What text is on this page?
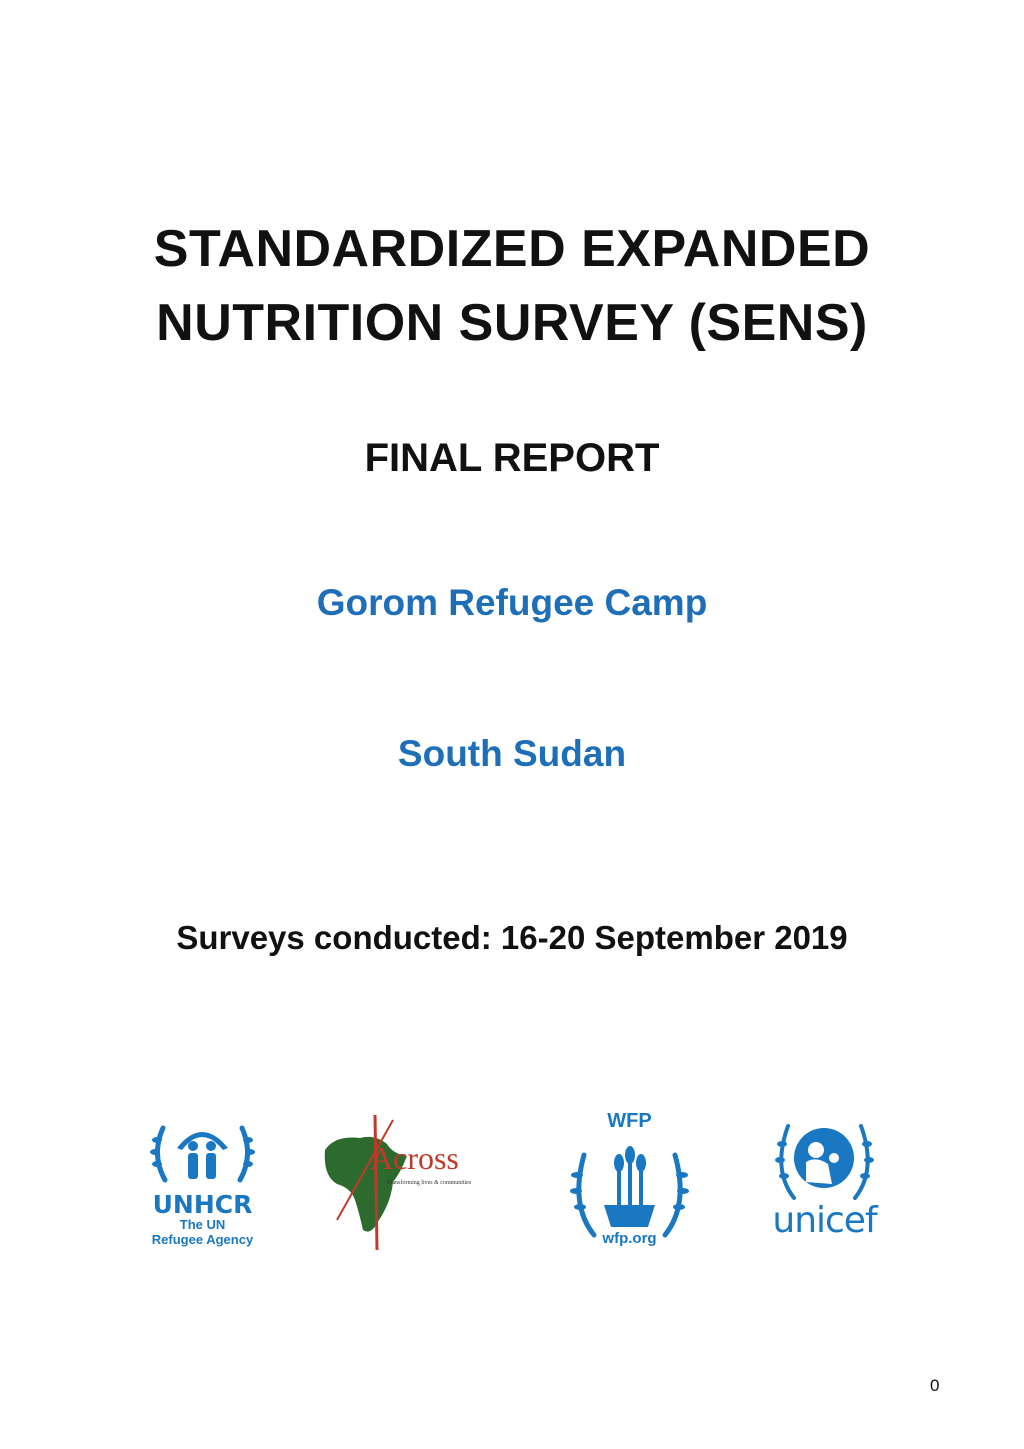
STANDARDIZED EXPANDED
NUTRITION SURVEY (SENS)
FINAL REPORT
Gorom Refugee Camp
South Sudan
Surveys conducted: 16-20 September 2019
UNHCR
The UN
Refugee Agency
Across
Transforming lives & communities
WFP
wfp.org	unicef
0
